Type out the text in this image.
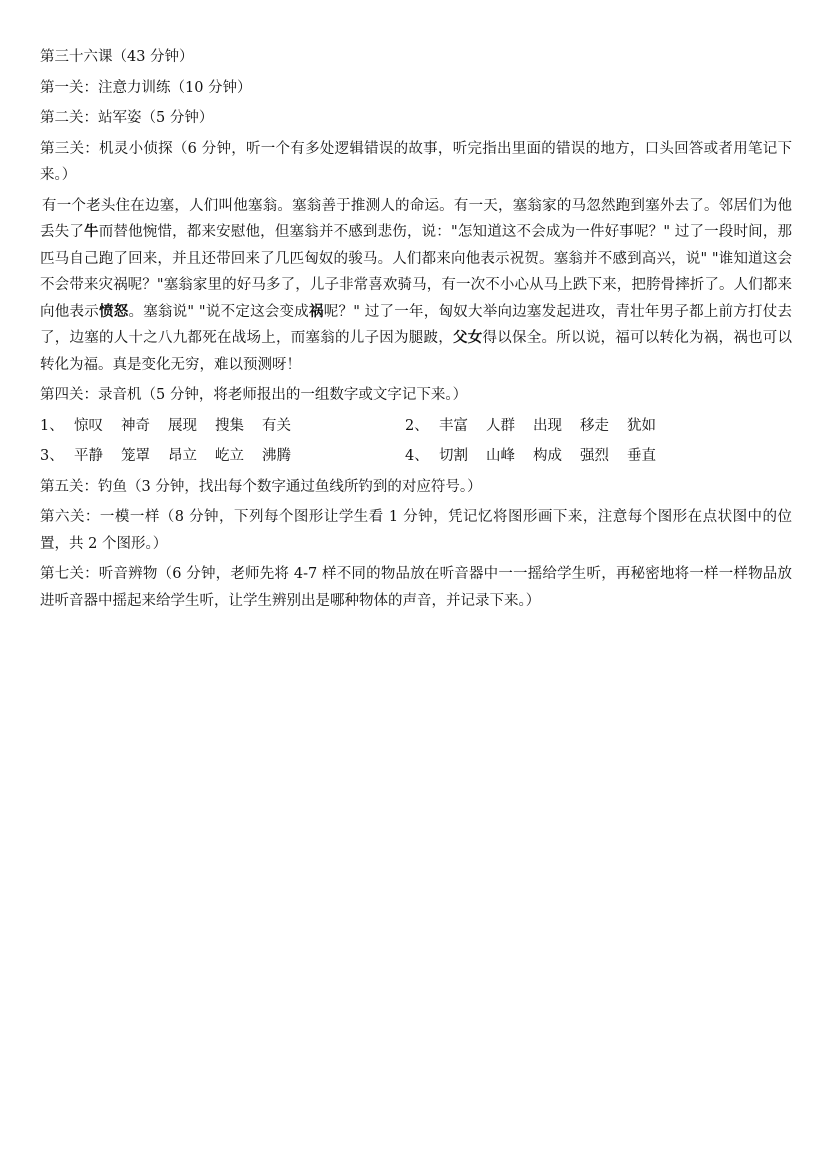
第三十六课（43 分钟）
第一关：注意力训练（10 分钟）
第二关：站军姿（5 分钟）
第三关：机灵小侦探（6 分钟，听一个有多处逻辑错误的故事，听完指出里面的错误的地方，口头回答或者用笔记下来。）
有一个老头住在边塞，人们叫他塞翁。塞翁善于推测人的命运。有一天，塞翁家的马忽然跑到塞外去了。邻居们为他丢失了牛而替他惋惜，都来安慰他，但塞翁并不感到悲伤，说："怎知道这不会成为一件好事呢？" 过了一段时间，那匹马自己跑了回来，并且还带回来了几匹匈奴的骏马。人们都来向他表示祝贺。塞翁并不感到高兴，说" "谁知道这会不会带来灾祸呢？"塞翁家里的好马多了，儿子非常喜欢骑马，有一次不小心从马上跌下来，把胯骨摔折了。人们都来向他表示愤怒。塞翁说" "说不定这会变成祸呢？" 过了一年，匈奴大举向边塞发起进攻，青壮年男子都上前方打仗去了，边塞的人十之八九都死在战场上，而塞翁的儿子因为腿跛，父女得以保全。所以说，福可以转化为祸，祸也可以转化为福。真是变化无穷，难以预测呀！
第四关：录音机（5 分钟，将老师报出的一组数字或文字记下来。）
1、 惊叹 神奇 展现 搜集 有关	2、 丰富 人群 出现 移走 犹如
3、 平静 笼罩 昂立 屹立 沸腾	4、 切割 山峰 构成 强烈 垂直
第五关：钓鱼（3 分钟，找出每个数字通过鱼线所钓到的对应符号。）
第六关：一模一样（8 分钟，下列每个图形让学生看 1 分钟，凭记忆将图形画下来，注意每个图形在点状图中的位置，共 2 个图形。）
第七关：听音辨物（6 分钟，老师先将 4-7 样不同的物品放在听音器中一一摇给学生听，再秘密地将一样一样物品放进听音器中摇起来给学生听，让学生辨别出是哪种物体的声音，并记录下来。）
